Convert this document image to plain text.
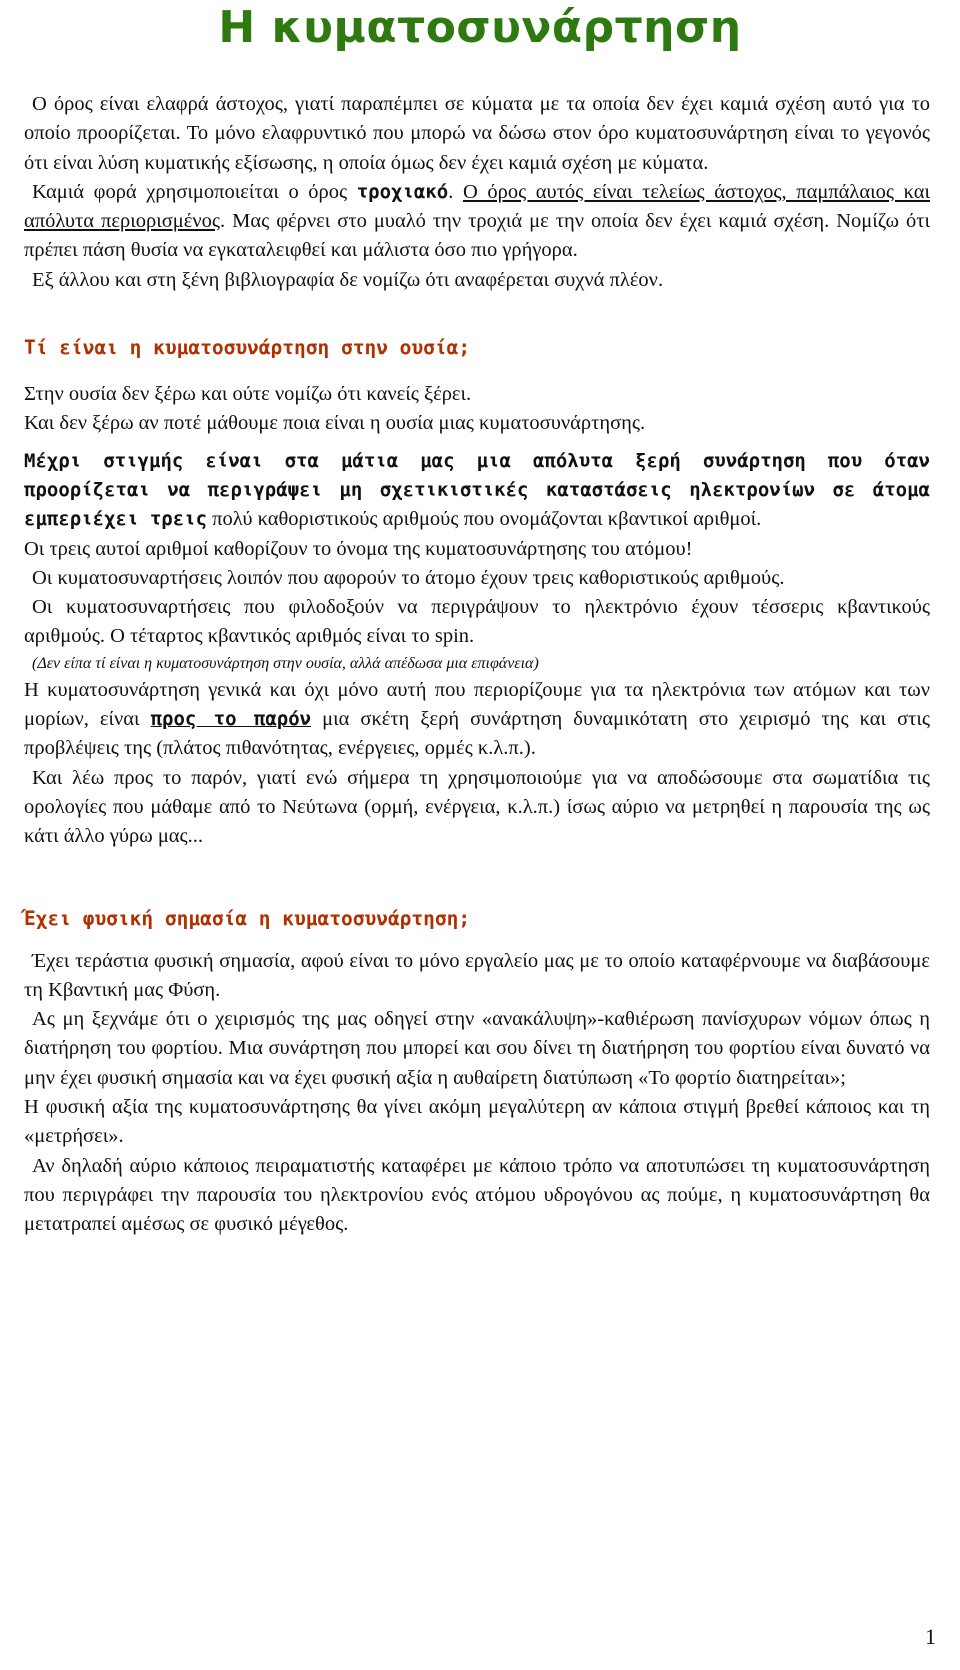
Η κυματοσυνάρτηση

Ο όρος είναι ελαφρά άστοχος, γιατί παραπέμπει σε κύματα με τα οποία δεν έχει καμιά σχέση αυτό για το οποίο προορίζεται. Το μόνο ελαφρυντικό που μπορώ να δώσω στον όρο κυματοσυνάρτηση είναι το γεγονός ότι είναι λύση κυματικής εξίσωσης, η οποία όμως δεν έχει καμιά σχέση με κύματα.

Καμιά φορά χρησιμοποιείται ο όρος τροχιακό. Ο όρος αυτός είναι τελείως άστοχος, παμπάλαιος και απόλυτα περιορισμένος. Μας φέρνει στο μυαλό την τροχιά με την οποία δεν έχει καμιά σχέση. Νομίζω ότι πρέπει πάση θυσία να εγκαταλειφθεί και μάλιστα όσο πιο γρήγορα.

Εξ άλλου και στη ξένη βιβλιογραφία δε νομίζω ότι αναφέρεται συχνά πλέον.

Τί είναι η κυματοσυνάρτηση στην ουσία;

Στην ουσία δεν ξέρω και ούτε νομίζω ότι κανείς ξέρει.

Και δεν ξέρω αν ποτέ μάθουμε ποια είναι η ουσία μιας κυματοσυνάρτησης.

Μέχρι στιγμής είναι στα μάτια μας μια απόλυτα ξερή συνάρτηση που όταν προορίζεται να περιγράψει μη σχετικιστικές καταστάσεις ηλεκτρονίων σε άτομα εμπεριέχει τρεις πολύ καθοριστικούς αριθμούς που ονομάζονται κβαντικοί αριθμοί.

Οι τρεις αυτοί αριθμοί καθορίζουν το όνομα της κυματοσυνάρτησης του ατόμου!

Οι κυματοσυναρτήσεις λοιπόν που αφορούν το άτομο έχουν τρεις καθοριστικούς αριθμούς.

Οι κυματοσυναρτήσεις που φιλοδοξούν να περιγράψουν το ηλεκτρόνιο έχουν τέσσερις κβαντικούς αριθμούς. Ο τέταρτος κβαντικός αριθμός είναι το spin.

(Δεν είπα τί είναι η κυματοσυνάρτηση στην ουσία, αλλά απέδωσα μια επιφάνεια)

Η κυματοσυνάρτηση γενικά και όχι μόνο αυτή που περιορίζουμε για τα ηλεκτρόνια των ατόμων και των μορίων, είναι προς το παρόν μια σκέτη ξερή συνάρτηση δυναμικότατη στο χειρισμό της και στις προβλέψεις της (πλάτος πιθανότητας, ενέργειες, ορμές κ.λ.π.).

Και λέω προς το παρόν, γιατί ενώ σήμερα τη χρησιμοποιούμε για να αποδώσουμε στα σωματίδια τις ορολογίες που μάθαμε από το Νεύτωνα (ορμή, ενέργεια, κ.λ.π.) ίσως αύριο να μετρηθεί η παρουσία της ως κάτι άλλο γύρω μας...

Έχει φυσική σημασία η κυματοσυνάρτηση;

Έχει τεράστια φυσική σημασία, αφού είναι το μόνο εργαλείο μας με το οποίο καταφέρνουμε να διαβάσουμε τη Κβαντική μας Φύση.

Ας μη ξεχνάμε ότι ο χειρισμός της μας οδηγεί στην «ανακάλυψη»-καθιέρωση πανίσχυρων νόμων όπως η διατήρηση του φορτίου. Μια συνάρτηση που μπορεί και σου δίνει τη διατήρηση του φορτίου είναι δυνατό να μην έχει φυσική σημασία και να έχει φυσική αξία η αυθαίρετη διατύπωση «Το φορτίο διατηρείται»;

Η φυσική αξία της κυματοσυνάρτησης θα γίνει ακόμη μεγαλύτερη αν κάποια στιγμή βρεθεί κάποιος και τη «μετρήσει».

Αν δηλαδή αύριο κάποιος πειραματιστής καταφέρει με κάποιο τρόπο να αποτυπώσει τη κυματοσυνάρτηση που περιγράφει την παρουσία του ηλεκτρονίου ενός ατόμου υδρογόνου ας πούμε, η κυματοσυνάρτηση θα μετατραπεί αμέσως σε φυσικό μέγεθος.

1
